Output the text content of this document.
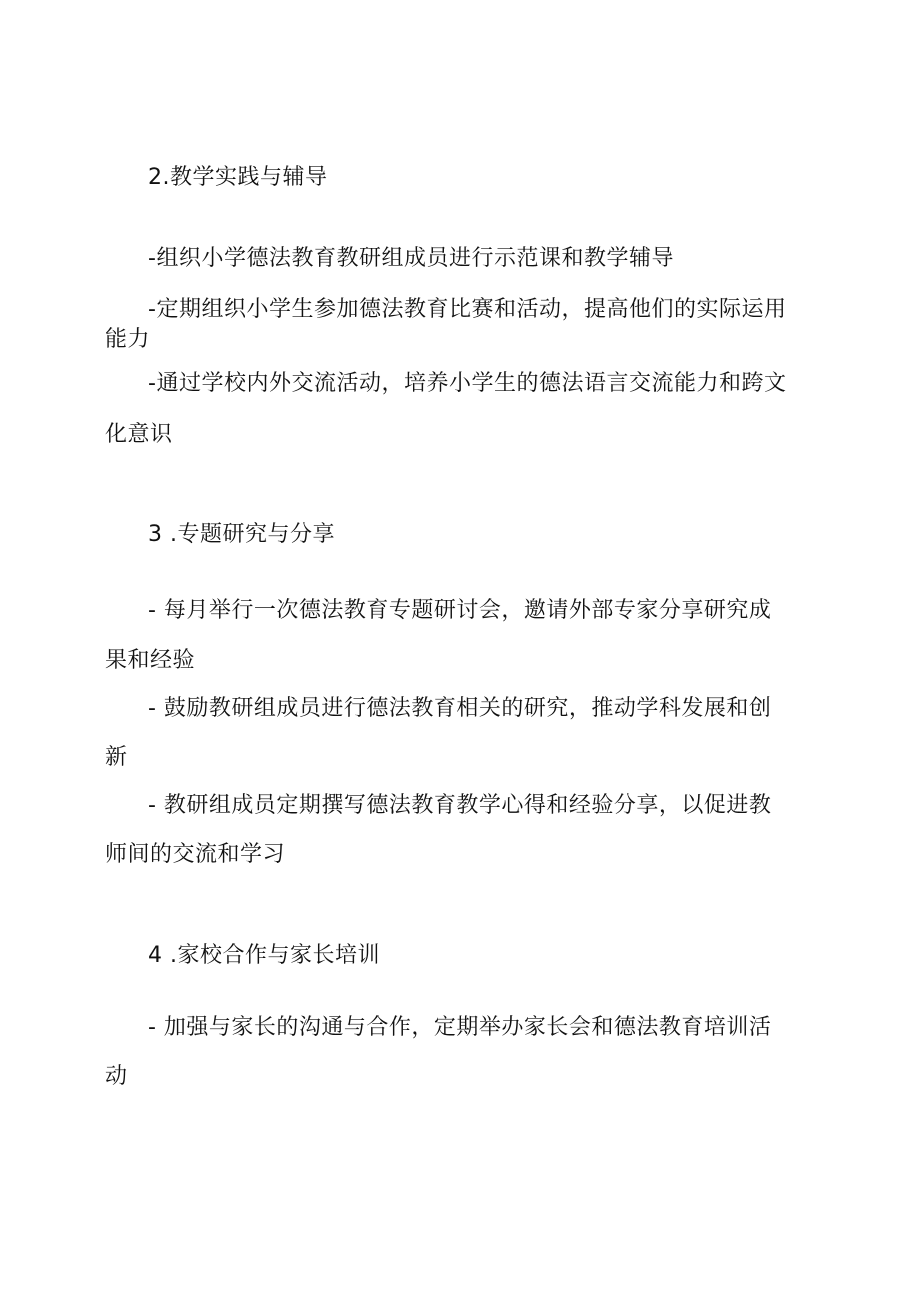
2.教学实践与辅导
-组织小学德法教育教研组成员进行示范课和教学辅导
-定期组织小学生参加德法教育比赛和活动，提高他们的实际运用
能力
-通过学校内外交流活动，培养小学生的德法语言交流能力和跨文
化意识
3 .专题研究与分享
- 每月举行一次德法教育专题研讨会，邀请外部专家分享研究成
果和经验
- 鼓励教研组成员进行德法教育相关的研究，推动学科发展和创
新
- 教研组成员定期撰写德法教育教学心得和经验分享，以促进教
师间的交流和学习
4 .家校合作与家长培训
- 加强与家长的沟通与合作，定期举办家长会和德法教育培训活
动
